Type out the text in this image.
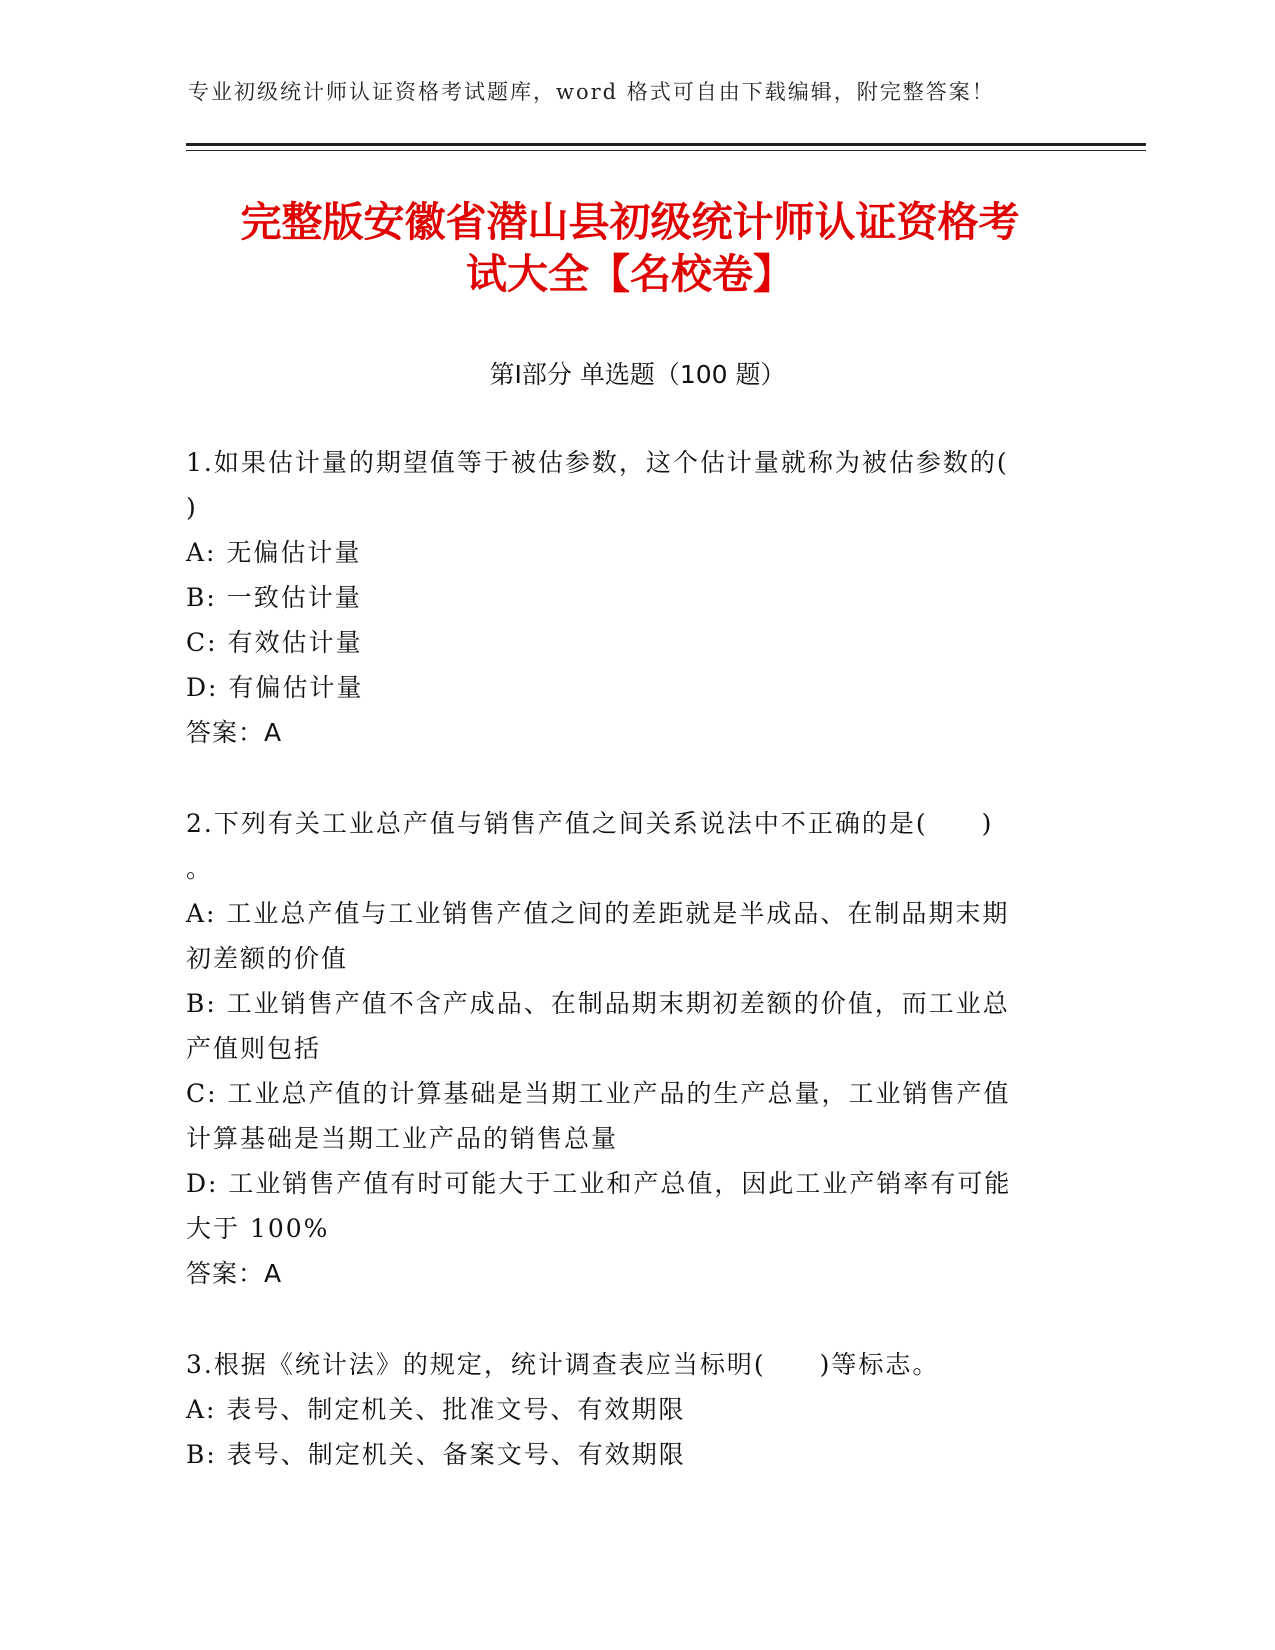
专业初级统计师认证资格考试题库，word 格式可自由下载编辑，附完整答案！
完整版安徽省潜山县初级统计师认证资格考
试大全【名校卷】
第Ⅰ部分 单选题（100 题）
1.如果估计量的期望值等于被估参数，这个估计量就称为被估参数的(
)
A: 无偏估计量
B: 一致估计量
C: 有效估计量
D: 有偏估计量
答案：A
2.下列有关工业总产值与销售产值之间关系说法中不正确的是(　　)
。
A: 工业总产值与工业销售产值之间的差距就是半成品、在制品期末期
初差额的价值
B: 工业销售产值不含产成品、在制品期末期初差额的价值，而工业总
产值则包括
C: 工业总产值的计算基础是当期工业产品的生产总量，工业销售产值
计算基础是当期工业产品的销售总量
D: 工业销售产值有时可能大于工业和产总值，因此工业产销率有可能
大于 100%
答案：A
3.根据《统计法》的规定，统计调查表应当标明(　　)等标志。
A: 表号、制定机关、批准文号、有效期限
B: 表号、制定机关、备案文号、有效期限
